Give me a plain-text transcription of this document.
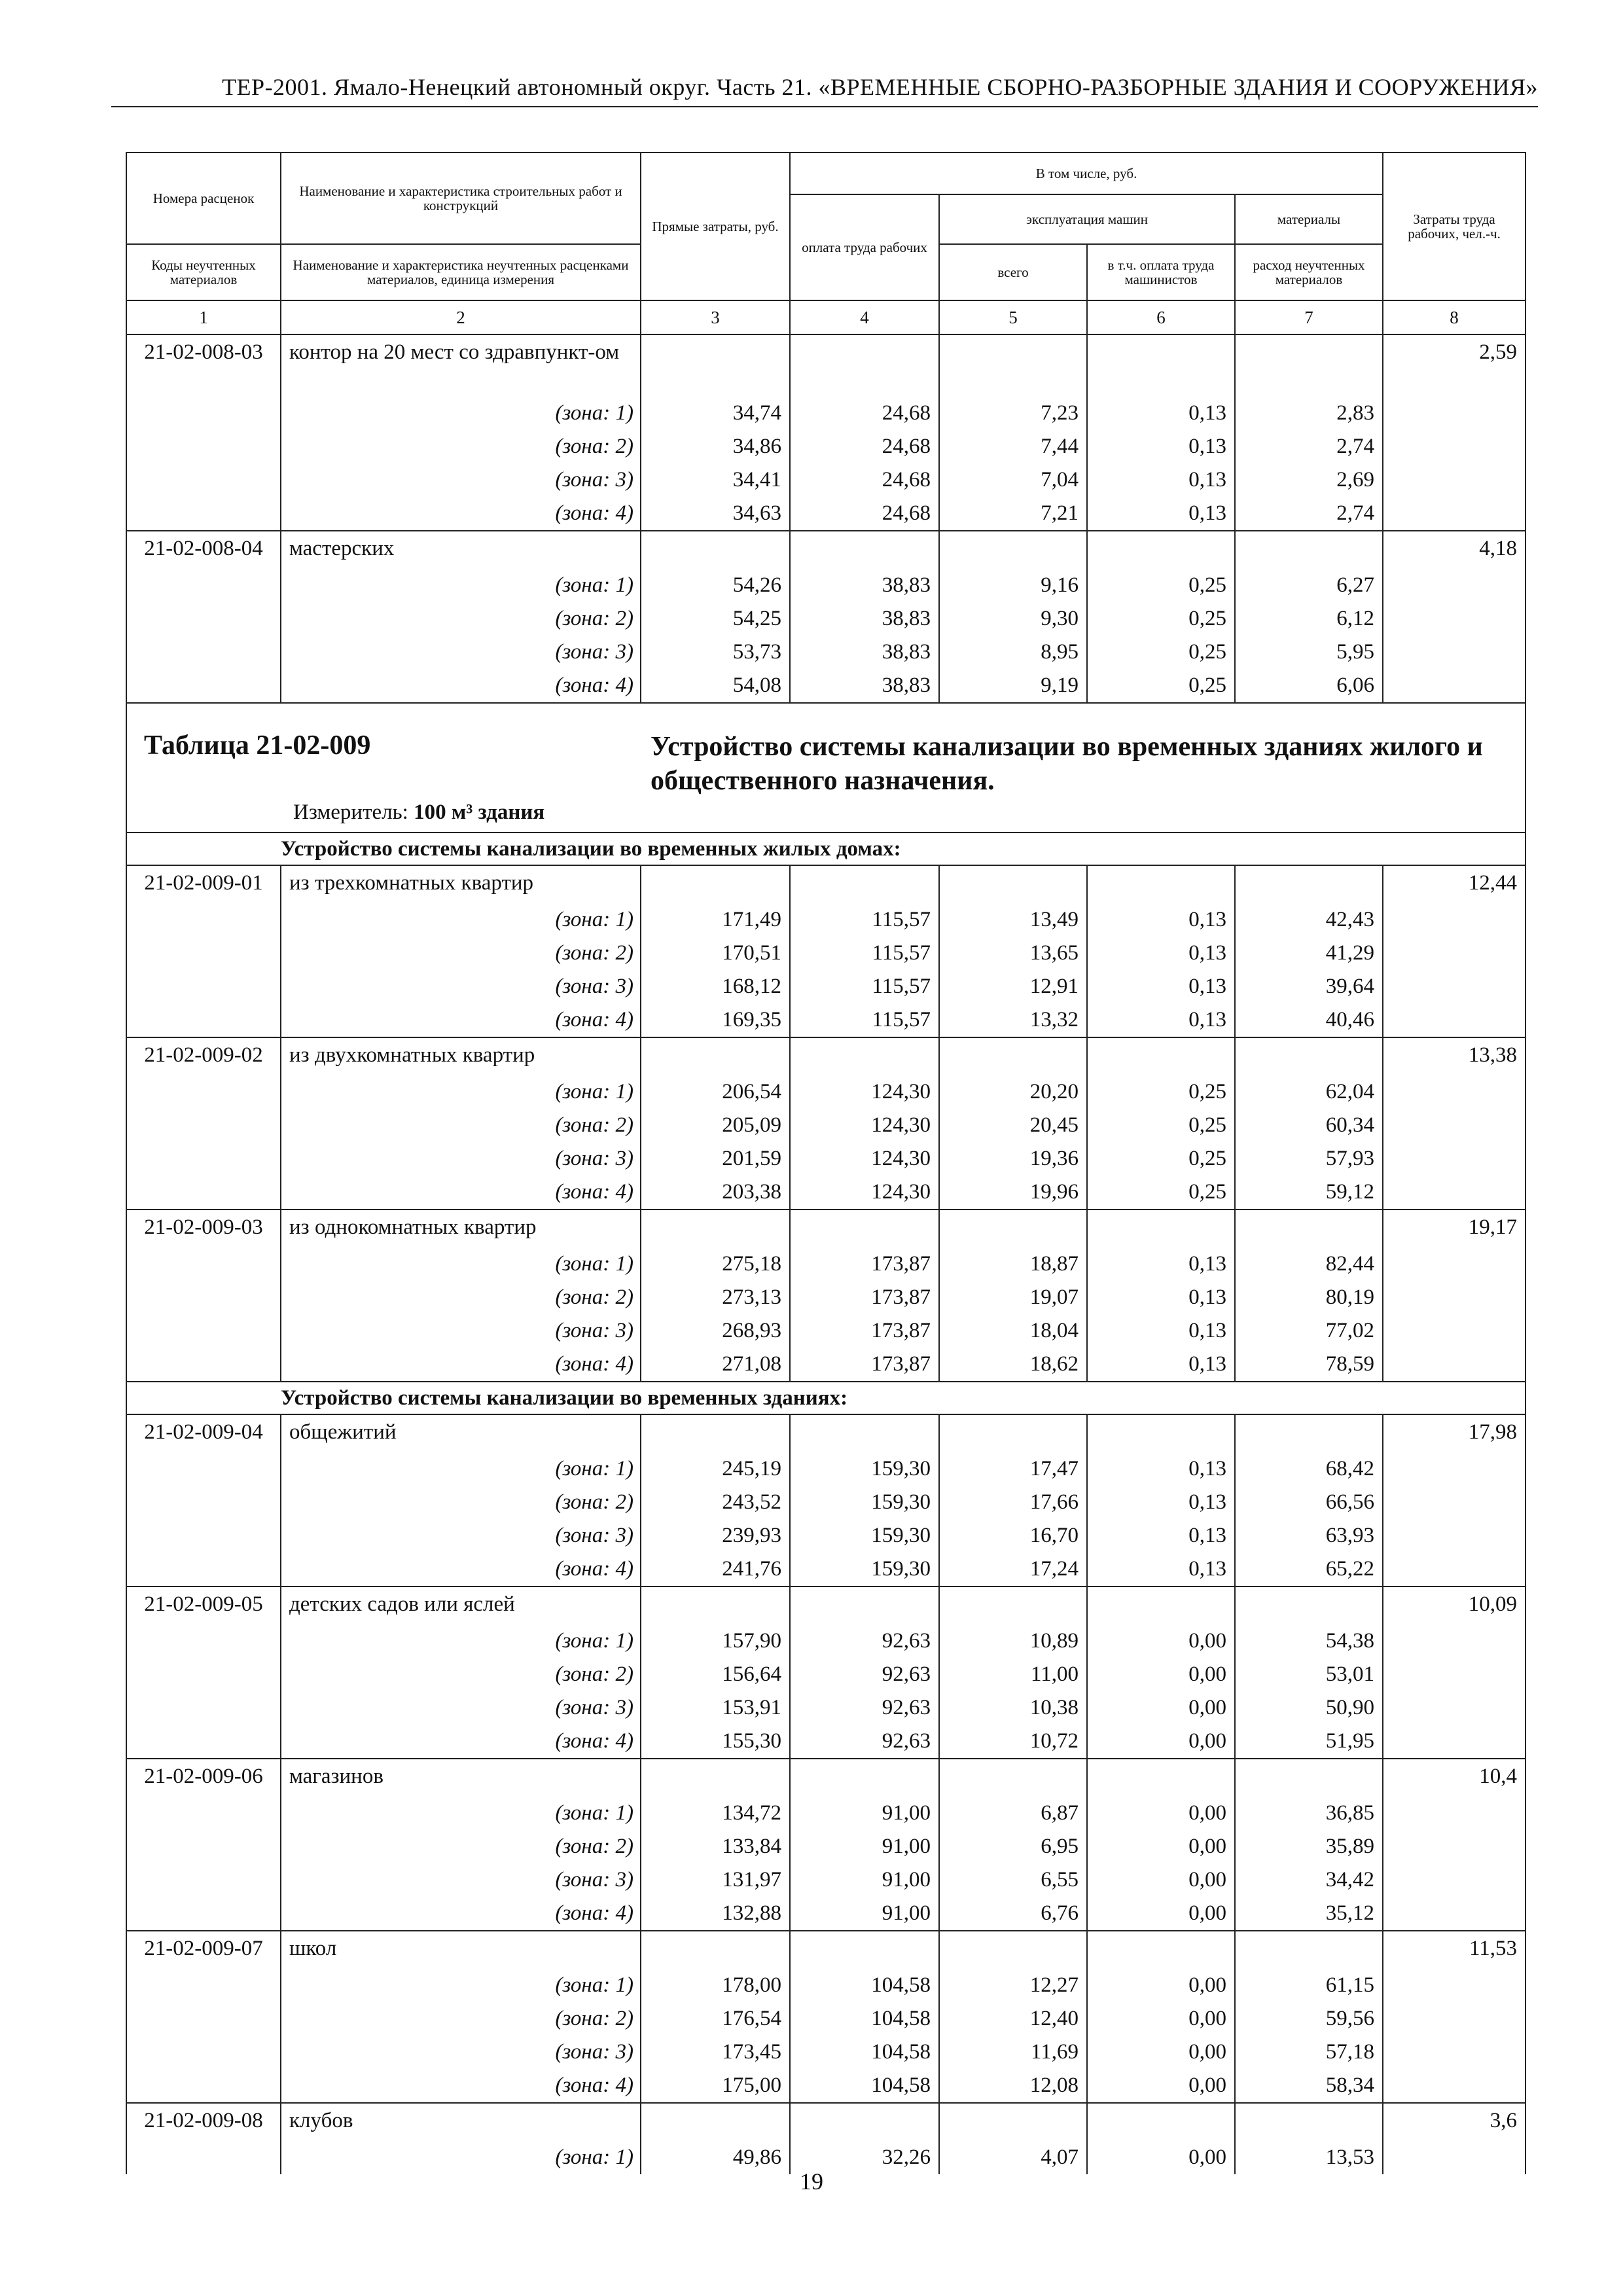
ТЕР-2001. Ямало-Ненецкий автономный округ. Часть 21. «ВРЕМЕННЫЕ СБОРНО-РАЗБОРНЫЕ ЗДАНИЯ И СООРУЖЕНИЯ»
Номера расценок	Наименование и характеристика строительных работ и конструкций	Прямые затраты, руб.	В том числе, руб.				Затраты труда рабочих, чел.-ч.
			оплата труда рабочих	эксплуатация машин		материалы	
Коды неучтенных материалов	Наименование и характеристика неучтенных расценками материалов, единица измерения			всего	в т.ч. оплата труда машинистов	расход неучтенных материалов	
1	2	3	4	5	6	7	8
21-02-008-03	контор на 20 мест со здравпункт-ом						2,59
	(зона: 1)	34,74	24,68	7,23	0,13	2,83	
	(зона: 2)	34,86	24,68	7,44	0,13	2,74	
	(зона: 3)	34,41	24,68	7,04	0,13	2,69	
	(зона: 4)	34,63	24,68	7,21	0,13	2,74	
21-02-008-04	мастерских						4,18
	(зона: 1)	54,26	38,83	9,16	0,25	6,27	
	(зона: 2)	54,25	38,83	9,30	0,25	6,12	
	(зона: 3)	53,73	38,83	8,95	0,25	5,95	
	(зона: 4)	54,08	38,83	9,19	0,25	6,06	

Таблица 21-02-009 Устройство системы канализации во временных зданиях жилого и общественного назначения.
Измеритель: 100 м³ здания							

	Устройство системы канализации во временных жилых домах:						
21-02-009-01	из трехкомнатных квартир						12,44
	(зона: 1)	171,49	115,57	13,49	0,13	42,43	
	(зона: 2)	170,51	115,57	13,65	0,13	41,29	
	(зона: 3)	168,12	115,57	12,91	0,13	39,64	
	(зона: 4)	169,35	115,57	13,32	0,13	40,46	
21-02-009-02	из двухкомнатных квартир						13,38
	(зона: 1)	206,54	124,30	20,20	0,25	62,04	
	(зона: 2)	205,09	124,30	20,45	0,25	60,34	
	(зона: 3)	201,59	124,30	19,36	0,25	57,93	
	(зона: 4)	203,38	124,30	19,96	0,25	59,12	
21-02-009-03	из однокомнатных квартир						19,17
	(зона: 1)	275,18	173,87	18,87	0,13	82,44	
	(зона: 2)	273,13	173,87	19,07	0,13	80,19	
	(зона: 3)	268,93	173,87	18,04	0,13	77,02	
	(зона: 4)	271,08	173,87	18,62	0,13	78,59	
	Устройство системы канализации во временных зданиях:						
21-02-009-04	общежитий						17,98
	(зона: 1)	245,19	159,30	17,47	0,13	68,42	
	(зона: 2)	243,52	159,30	17,66	0,13	66,56	
	(зона: 3)	239,93	159,30	16,70	0,13	63,93	
	(зона: 4)	241,76	159,30	17,24	0,13	65,22	
21-02-009-05	детских садов или яслей						10,09
	(зона: 1)	157,90	92,63	10,89	0,00	54,38	
	(зона: 2)	156,64	92,63	11,00	0,00	53,01	
	(зона: 3)	153,91	92,63	10,38	0,00	50,90	
	(зона: 4)	155,30	92,63	10,72	0,00	51,95	
21-02-009-06	магазинов						10,4
	(зона: 1)	134,72	91,00	6,87	0,00	36,85	
	(зона: 2)	133,84	91,00	6,95	0,00	35,89	
	(зона: 3)	131,97	91,00	6,55	0,00	34,42	
	(зона: 4)	132,88	91,00	6,76	0,00	35,12	
21-02-009-07	школ						11,53
	(зона: 1)	178,00	104,58	12,27	0,00	61,15	
	(зона: 2)	176,54	104,58	12,40	0,00	59,56	
	(зона: 3)	173,45	104,58	11,69	0,00	57,18	
	(зона: 4)	175,00	104,58	12,08	0,00	58,34	
21-02-009-08	клубов						3,6
	(зона: 1)	49,86	32,26	4,07	0,00	13,53	
19
